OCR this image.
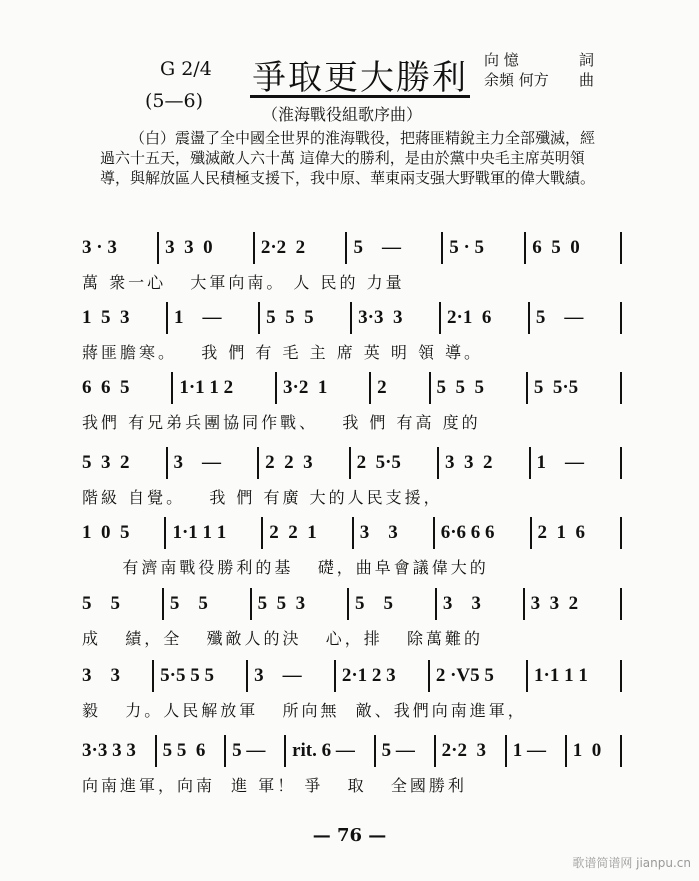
G 2/4
(5—6)
爭取更大勝利
（淮海戰役組歌序曲）
向 憶	詞
余頻 何方 曲
（白）震盪了全中國全世界的淮海戰役，把蔣匪精銳主力全部殲滅，經過六十五天，殲滅敵人六十萬 這偉大的勝利，是由於黨中央毛主席英明領導，與解放區人民積極支援下，我中原、華東兩支强大野戰軍的偉大戰績。
3 · 3	3  3  0	2·2  2	5    —	5 · 5	6  5  0
萬 衆一心   大軍向南。 人 民的 力量
1  5  3	1    —	5  5  5	3·3  3	2·1  6	5    —
蔣匪膽寒。   我 們 有 毛 主 席 英 明 領 導。
6  6  5	1·1 1 2	3·2  1	2	5  5  5	5  5·5
我們 有兄弟兵團協同作戰、   我 們 有高 度的
5  3  2	3    —	2  2  3	2  5·5	3  3  2	1    —
階級 自覺。   我 們 有廣 大的人民支援，
1  0  5	1·1 1 1	2  2  1	3    3	6·6 6 6	2  1  6
有濟南戰役勝利的基   礎，曲阜會議偉大的
5    5	5    5	5  5  3	5    5	3    3	3  3  2
成   績，全   殲敵人的決   心，排   除萬難的
3    3	5·5 5 5	3    —	2·1 2 3	2 ·V5 5	1·1 1 1
毅   力。人民解放軍   所向無  敵、我們向南進軍，
3·3 3 3	5 5  6	5 —	rit. 6 —	5 —	2·2  3	1 —	1  0
向南進軍，向南  進 軍！ 爭   取   全國勝利
— 76 —
歌谱简谱网 jianpu.cn
